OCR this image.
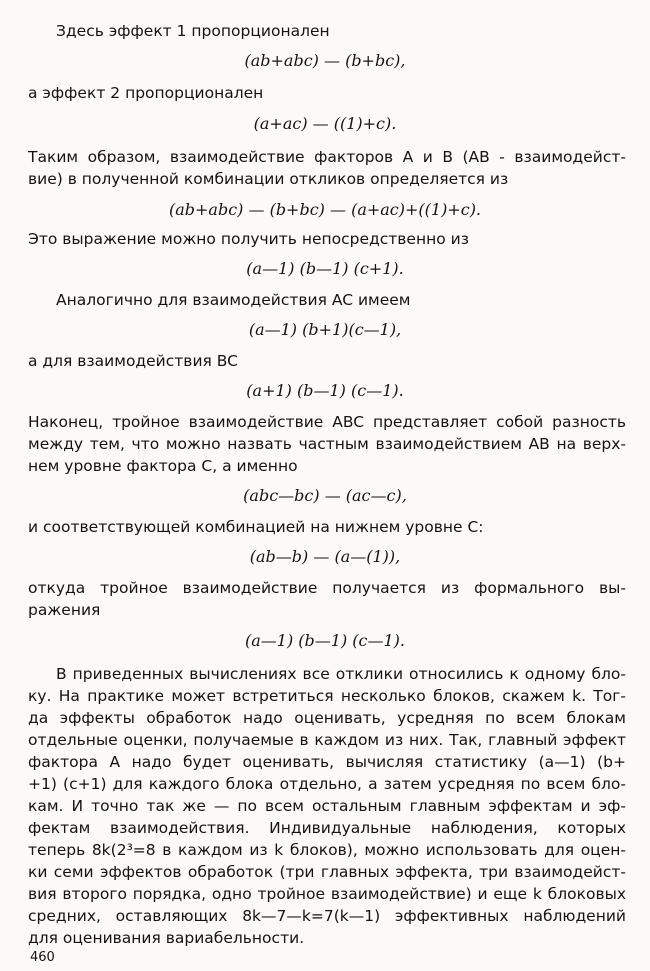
Здесь эффект 1 пропорционален
(ab+abc) — (b+bc),
а эффект 2 пропорционален
(a+ac) — ((1)+c).
Таким образом, взаимодействие факторов A и B (AB - взаимодейст-
вие) в полученной комбинации откликов определяется из
(ab+abc) — (b+bc) — (a+ac)+((1)+c).
Это выражение можно получить непосредственно из
(a—1) (b—1) (c+1).
Аналогично для взаимодействия AC имеем
(a—1) (b+1)(c—1),
а для взаимодействия BC
(a+1) (b—1) (c—1).
Наконец, тройное взаимодействие ABC представляет собой разность
между тем, что можно назвать частным взаимодействием AB на верх-
нем уровне фактора C, а именно
(abc—bc) — (ac—c),
и соответствующей комбинацией на нижнем уровне C:
(ab—b) — (a—(1)),
откуда тройное взаимодействие получается из формального вы-
ражения
(a—1) (b—1) (c—1).
В приведенных вычислениях все отклики относились к одному бло-
ку. На практике может встретиться несколько блоков, скажем k. Тог-
да эффекты обработок надо оценивать, усредняя по всем блокам
отдельные оценки, получаемые в каждом из них. Так, главный эффект
фактора A надо будет оценивать, вычисляя статистику (a—1) (b+
+1) (c+1) для каждого блока отдельно, а затем усредняя по всем бло-
кам. И точно так же — по всем остальным главным эффектам и эф-
фектам взаимодействия. Индивидуальные наблюдения, которых
теперь 8k(2³=8 в каждом из k блоков), можно использовать для оцен-
ки семи эффектов обработок (три главных эффекта, три взаимодейст-
вия второго порядка, одно тройное взаимодействие) и еще k блоковых
средних, оставляющих 8k—7—k=7(k—1) эффективных наблюдений
для оценивания вариабельности.
460
